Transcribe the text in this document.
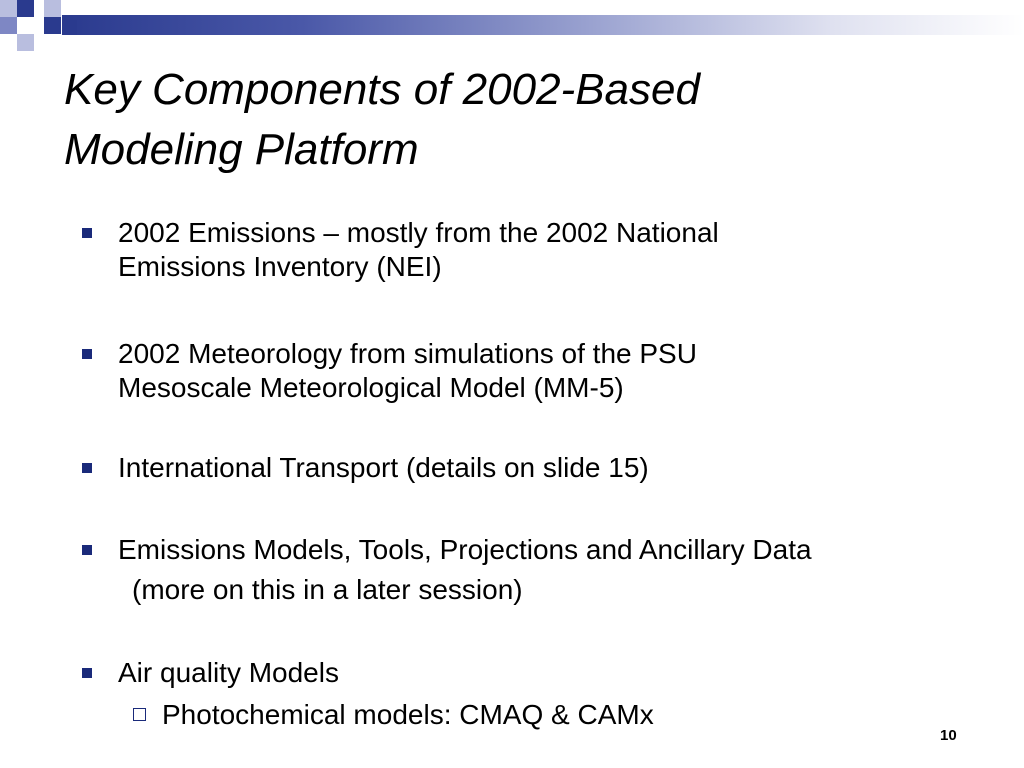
Key Components of 2002-Based
Modeling Platform
2002 Emissions – mostly from the 2002 National
Emissions Inventory (NEI)
2002 Meteorology from simulations of the PSU
Mesoscale Meteorological Model (MM-5)
International Transport (details on slide 15)
Emissions Models, Tools, Projections and Ancillary Data
(more on this in a later session)
Air quality Models
Photochemical models: CMAQ & CAMx
10
